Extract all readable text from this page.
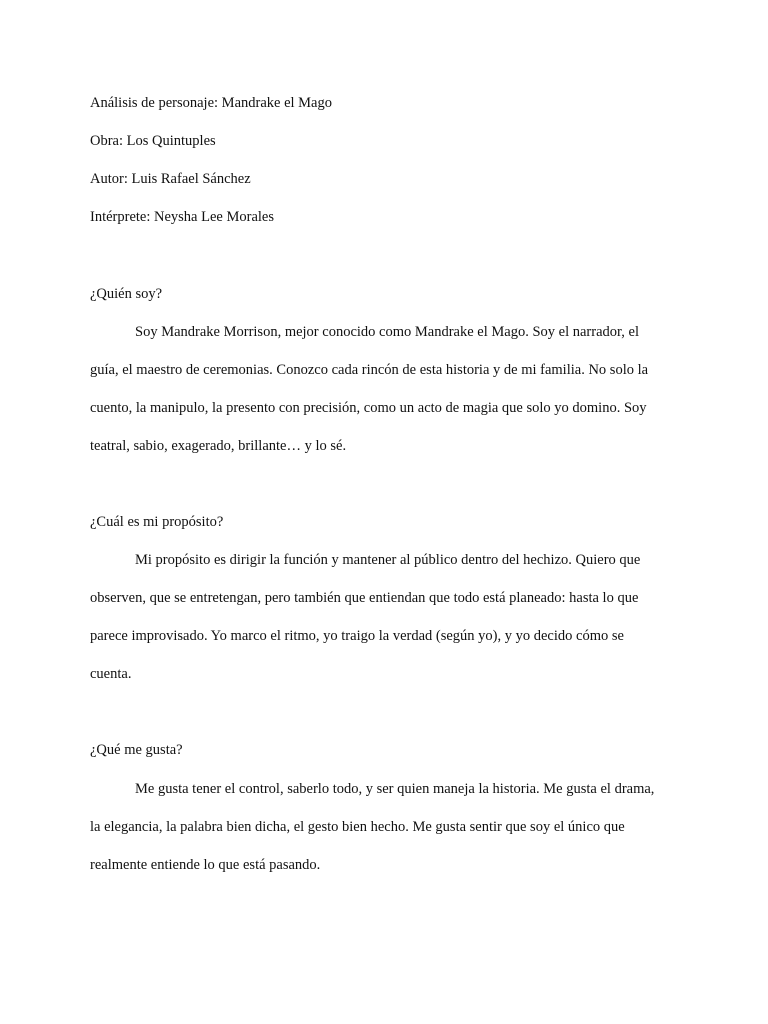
Análisis de personaje: Mandrake el Mago
Obra: Los Quintuples
Autor: Luis Rafael Sánchez
Intérprete: Neysha Lee Morales
¿Quién soy?
Soy Mandrake Morrison, mejor conocido como Mandrake el Mago. Soy el narrador, el
guía, el maestro de ceremonias. Conozco cada rincón de esta historia y de mi familia. No solo la
cuento, la manipulo, la presento con precisión, como un acto de magia que solo yo domino. Soy
teatral, sabio, exagerado, brillante… y lo sé.
¿Cuál es mi propósito?
Mi propósito es dirigir la función y mantener al público dentro del hechizo. Quiero que
observen, que se entretengan, pero también que entiendan que todo está planeado: hasta lo que
parece improvisado. Yo marco el ritmo, yo traigo la verdad (según yo), y yo decido cómo se
cuenta.
¿Qué me gusta?
Me gusta tener el control, saberlo todo, y ser quien maneja la historia. Me gusta el drama,
la elegancia, la palabra bien dicha, el gesto bien hecho. Me gusta sentir que soy el único que
realmente entiende lo que está pasando.
